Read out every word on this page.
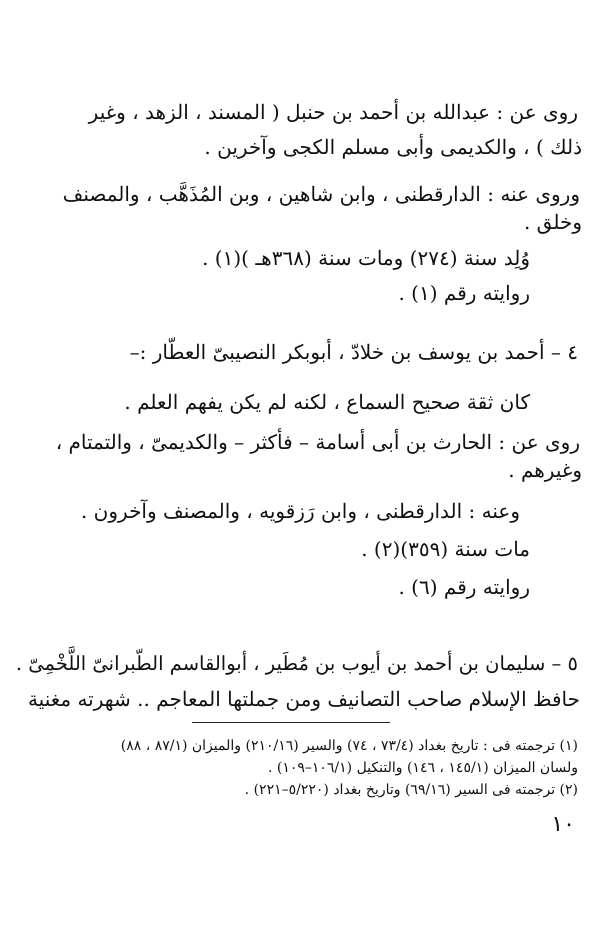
روى عن : عبدالله بن أحمد بن حنبل ( المسند ، الزهد ، وغير
ذلك ) ، والكديمى وأبى مسلم الكجى وآخرين .
وروى عنه : الدارقطنى ، وابن شاهين ، وبن المُذَهَّب ، والمصنف
وخلق .
وُلِد سنة (٢٧٤) ومات سنة (٣٦٨هـ )(١) .
روايته رقم (١) .
٤ – أحمد بن يوسف بن خلادّ ، أبوبكر النصيبىّ العطّار :–
كان ثقة صحيح السماع ، لكنه لم يكن يفهم العلم .
روى عن : الحارث بن أبى أسامة – فأكثر – والكديمىّ ، والتمتام ،
وغيرهم .
وعنه : الدارقطنى ، وابن رَزقويه ، والمصنف وآخرون .
مات سنة (٣٥٩)(٢) .
روايته رقم (٦) .
٥ – سليمان بن أحمد بن أيوب بن مُطَير ، أبوالقاسم الطّبرانىّ اللَّخْمِىّ .
حافظ الإسلام صاحب التصانيف ومن جملتها المعاجم .. شهرته مغنية
(١) ترجمته فى : تاريخ بغداد (٧٣/٤ ، ٧٤) والسير (٢١٠/١٦) والميزان (٨٧/١ ، ٨٨)
ولسان الميزان (١٤٥/١ ، ١٤٦) والتنكيل (١٠٦/١–١٠٩) .
(٢) ترجمته فى السير (٦٩/١٦) وتاريخ بغداد (٥/٢٢٠–٢٢١) .
١٠
